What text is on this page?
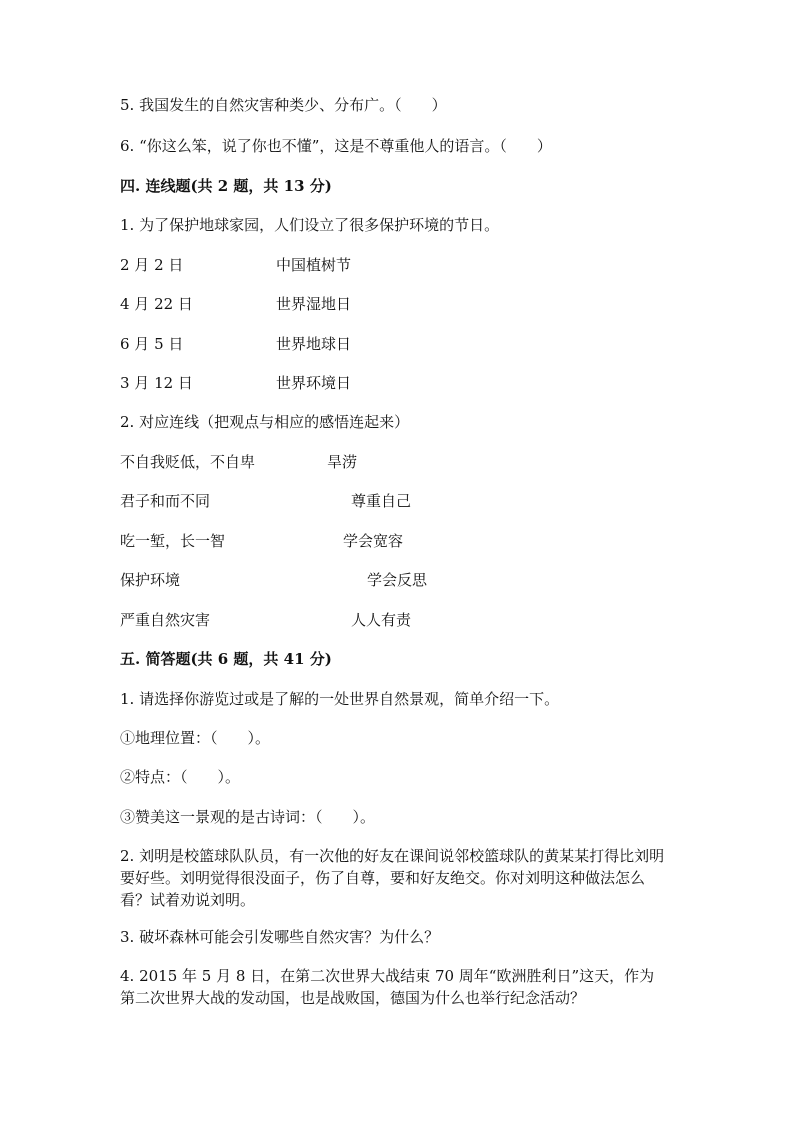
5. 我国发生的自然灾害种类少、分布广。（　　）
6. “你这么笨，说了你也不懂”，这是不尊重他人的语言。（　　）
四. 连线题(共 2 题，共 13 分)
1. 为了保护地球家园，人们设立了很多保护环境的节日。
2 月 2 日	中国植树节
4 月 22 日	世界湿地日
6 月 5 日	世界地球日
3 月 12 日	世界环境日
2. 对应连线（把观点与相应的感悟连起来）
不自我贬低，不自卑	旱涝
君子和而不同	尊重自己
吃一堑，长一智	学会宽容
保护环境	学会反思
严重自然灾害	人人有责
五. 简答题(共 6 题，共 41 分)
1. 请选择你游览过或是了解的一处世界自然景观，简单介绍一下。
①地理位置：（　　）。
②特点：（　　）。
③赞美这一景观的是古诗词：（　　）。
2. 刘明是校篮球队队员，有一次他的好友在课间说邻校篮球队的黄某某打得比刘明要好些。刘明觉得很没面子，伤了自尊，要和好友绝交。你对刘明这种做法怎么看？试着劝说刘明。
3. 破坏森林可能会引发哪些自然灾害？为什么？
4. 2015 年 5 月 8 日，在第二次世界大战结束 70 周年“欧洲胜利日”这天，作为第二次世界大战的发动国，也是战败国，德国为什么也举行纪念活动？
